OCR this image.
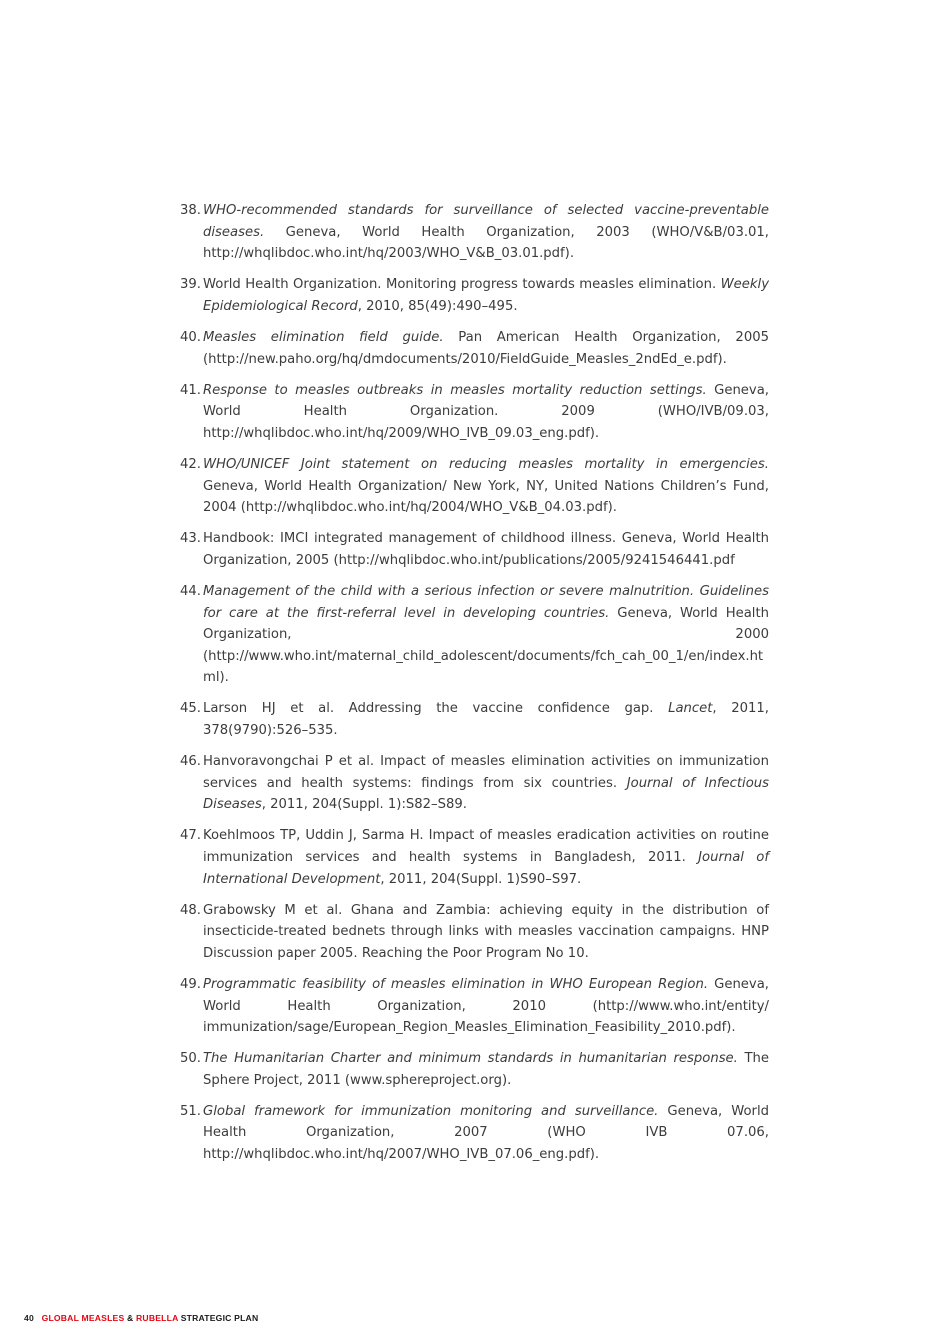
38. WHO-recommended standards for surveillance of selected vaccine-preventable diseases. Geneva, World Health Organization, 2003 (WHO/V&B/03.01, http://whqlibdoc.who.int/hq/2003/WHO_V&B_03.01.pdf).
39. World Health Organization. Monitoring progress towards measles elimination. Weekly Epidemiological Record, 2010, 85(49):490–495.
40. Measles elimination field guide. Pan American Health Organization, 2005 (http://new.paho.org/hq/dmdocuments/2010/FieldGuide_Measles_2ndEd_e.pdf).
41. Response to measles outbreaks in measles mortality reduction settings. Geneva, World Health Organization. 2009 (WHO/IVB/09.03, http://whqlibdoc.who.int/hq/2009/WHO_IVB_09.03_eng.pdf).
42. WHO/UNICEF Joint statement on reducing measles mortality in emergencies. Geneva, World Health Organization/ New York, NY, United Nations Children’s Fund, 2004 (http://whqlibdoc.who.int/hq/2004/WHO_V&B_04.03.pdf).
43. Handbook: IMCI integrated management of childhood illness. Geneva, World Health Organization, 2005 (http://whqlibdoc.who.int/publications/2005/9241546441.pdf
44. Management of the child with a serious infection or severe malnutrition. Guidelines for care at the first-referral level in developing countries. Geneva, World Health Organization, 2000 (http://www.who.int/maternal_child_adolescent/documents/fch_cah_00_1/en/index.html).
45. Larson HJ et al. Addressing the vaccine confidence gap. Lancet, 2011, 378(9790):526–535.
46. Hanvoravongchai P et al. Impact of measles elimination activities on immunization services and health systems: findings from six countries. Journal of Infectious Diseases, 2011, 204(Suppl. 1):S82–S89.
47. Koehlmoos TP, Uddin J, Sarma H. Impact of measles eradication activities on routine immunization services and health systems in Bangladesh, 2011. Journal of International Development, 2011, 204(Suppl. 1)S90–S97.
48. Grabowsky M et al. Ghana and Zambia: achieving equity in the distribution of insecticide-treated bednets through links with measles vaccination campaigns. HNP Discussion paper 2005. Reaching the Poor Program No 10.
49. Programmatic feasibility of measles elimination in WHO European Region. Geneva, World Health Organization, 2010 (http://www.who.int/entity/ immunization/sage/European_Region_Measles_Elimination_Feasibility_2010.pdf).
50. The Humanitarian Charter and minimum standards in humanitarian response. The Sphere Project, 2011 (www.sphereproject.org).
51. Global framework for immunization monitoring and surveillance. Geneva, World Health Organization, 2007 (WHO IVB 07.06, http://whqlibdoc.who.int/hq/2007/WHO_IVB_07.06_eng.pdf).
40 GLOBAL MEASLES & RUBELLA STRATEGIC PLAN
